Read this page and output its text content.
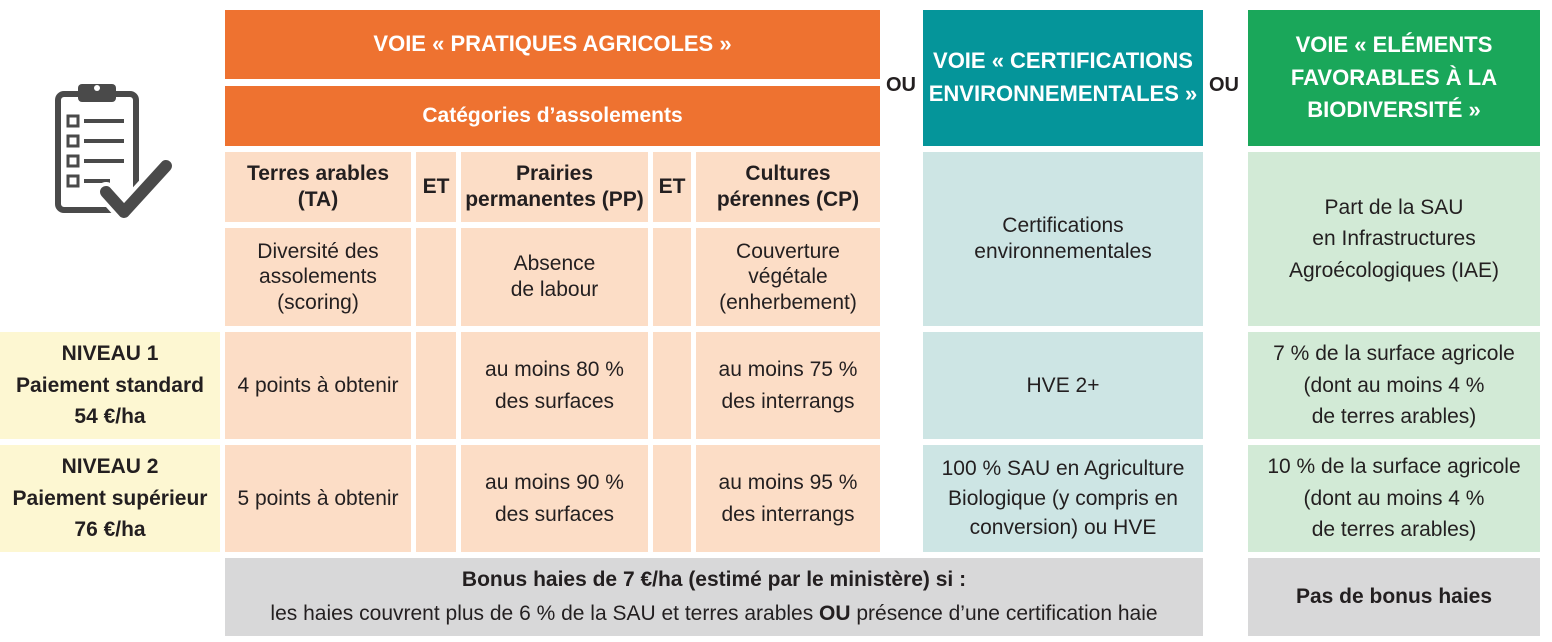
VOIE « PRATIQUES AGRICOLES »
Catégories d’assolements
OU	OU
VOIE « CERTIFICATIONS
ENVIRONNEMENTALES »
VOIE « ELÉMENTS
FAVORABLES À LA
BIODIVERSITÉ »
Terres arables
(TA)
ET
Prairies
permanentes (PP)
ET
Cultures
pérennes (CP)
Diversité des
assolements
(scoring)
Absence
de labour
Couverture
végétale
(enherbement)
Certifications
environnementales
Part de la SAU
en Infrastructures
Agroécologiques (IAE)
NIVEAU 1
Paiement standard
54 €/ha
4 points à obtenir
au moins 80 %
des surfaces
au moins 75 %
des interrangs
HVE 2+
7 % de la surface agricole
(dont au moins 4 %
de terres arables)
NIVEAU 2
Paiement supérieur
76 €/ha
5 points à obtenir
au moins 90 %
des surfaces
au moins 95 %
des interrangs
100 % SAU en Agriculture
Biologique (y compris en
conversion) ou HVE
10 % de la surface agricole
(dont au moins 4 %
de terres arables)
Bonus haies de 7 €/ha (estimé par le ministère) si :
les haies couvrent plus de 6 % de la SAU et terres arables OU présence d’une certification haie
Pas de bonus haies
